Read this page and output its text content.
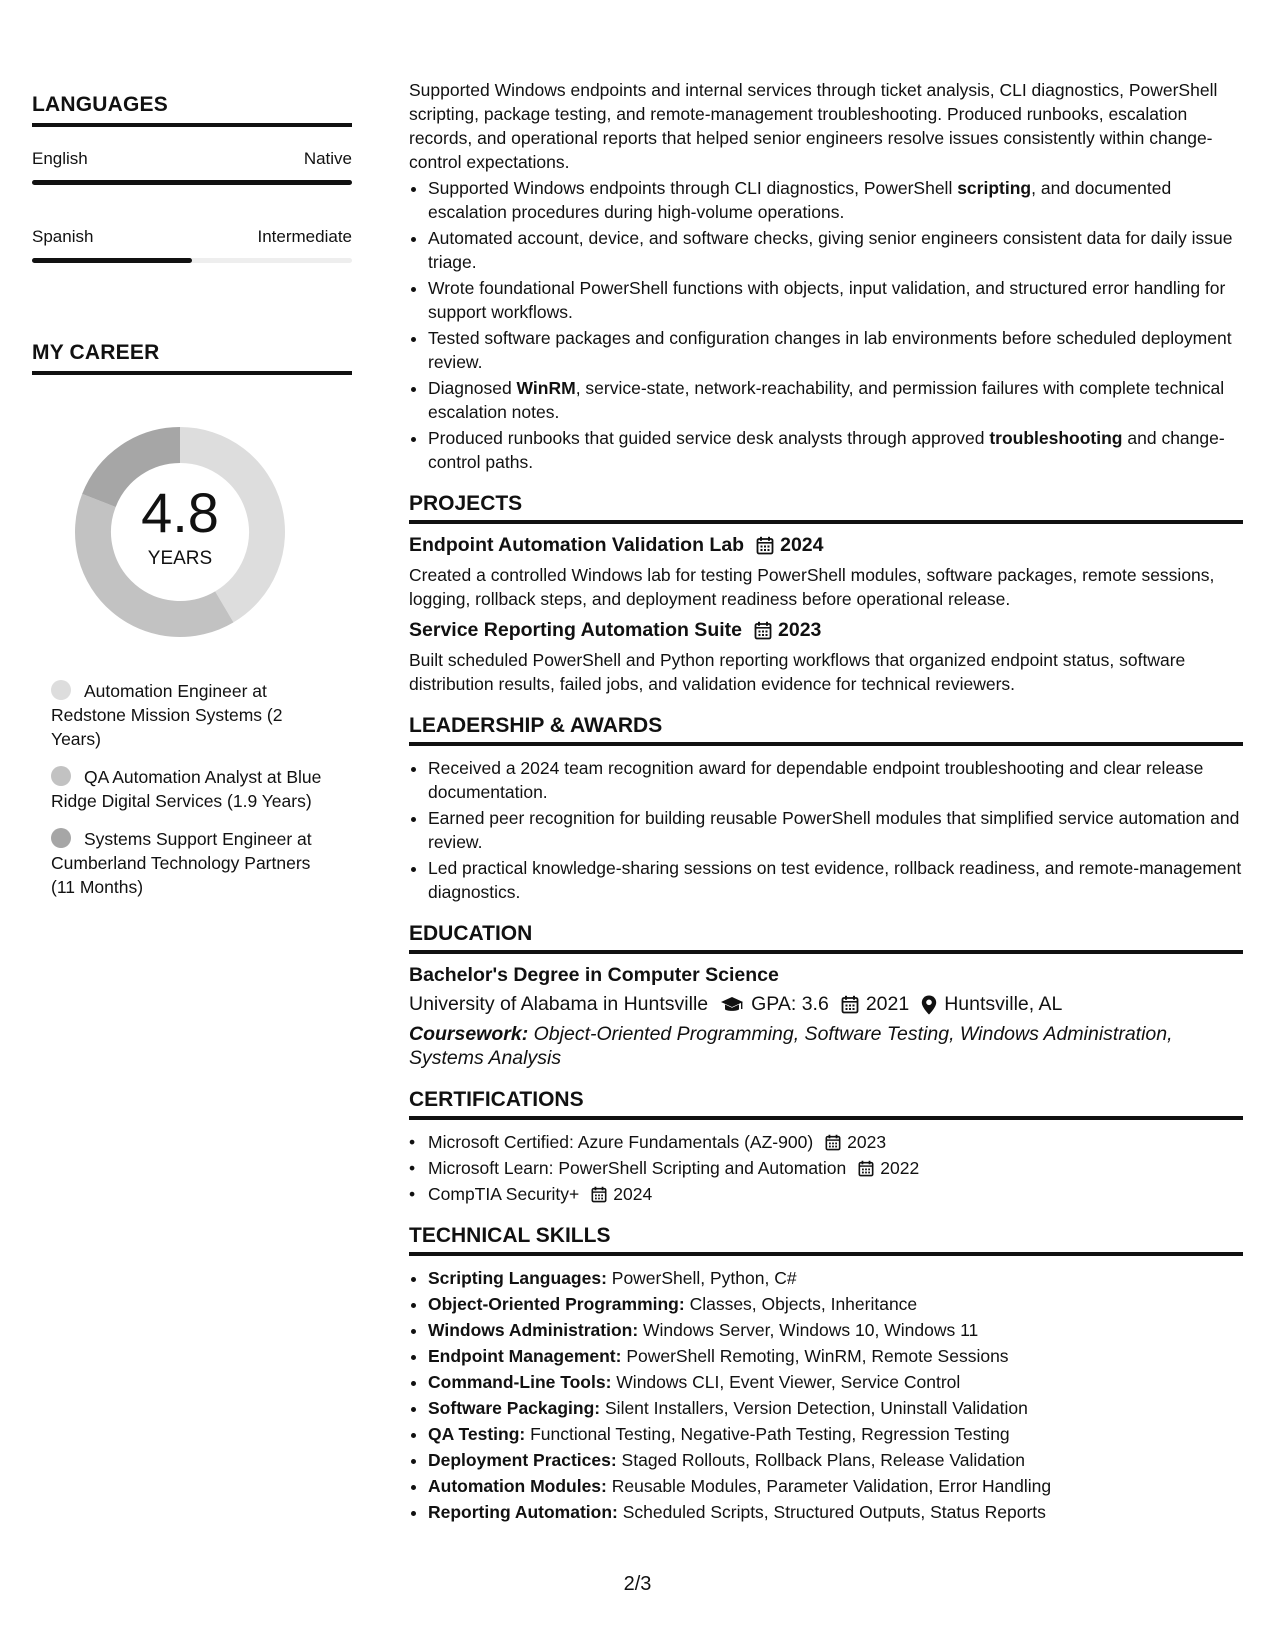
LANGUAGES
English	Native
Spanish	Intermediate
MY CAREER
4.8
YEARS
Automation Engineer at Redstone Mission Systems (2 Years)
QA Automation Analyst at Blue Ridge Digital Services (1.9 Years)
Systems Support Engineer at Cumberland Technology Partners (11 Months)
Supported Windows endpoints and internal services through ticket analysis, CLI diagnostics, PowerShell scripting, package testing, and remote-management troubleshooting. Produced runbooks, escalation records, and operational reports that helped senior engineers resolve issues consistently within change-control expectations.
• Supported Windows endpoints through CLI diagnostics, PowerShell scripting, and documented escalation procedures during high-volume operations.
• Automated account, device, and software checks, giving senior engineers consistent data for daily issue triage.
• Wrote foundational PowerShell functions with objects, input validation, and structured error handling for support workflows.
• Tested software packages and configuration changes in lab environments before scheduled deployment review.
• Diagnosed WinRM, service-state, network-reachability, and permission failures with complete technical escalation notes.
• Produced runbooks that guided service desk analysts through approved troubleshooting and change-control paths.
PROJECTS
Endpoint Automation Validation Lab 2024
Created a controlled Windows lab for testing PowerShell modules, software packages, remote sessions, logging, rollback steps, and deployment readiness before operational release.
Service Reporting Automation Suite 2023
Built scheduled PowerShell and Python reporting workflows that organized endpoint status, software distribution results, failed jobs, and validation evidence for technical reviewers.
LEADERSHIP & AWARDS
• Received a 2024 team recognition award for dependable endpoint troubleshooting and clear release documentation.
• Earned peer recognition for building reusable PowerShell modules that simplified service automation and review.
• Led practical knowledge-sharing sessions on test evidence, rollback readiness, and remote-management diagnostics.
EDUCATION
Bachelor's Degree in Computer Science
University of Alabama in Huntsville GPA: 3.6 2021 Huntsville, AL
Coursework: Object-Oriented Programming, Software Testing, Windows Administration, Systems Analysis
CERTIFICATIONS
• Microsoft Certified: Azure Fundamentals (AZ-900) 2023
• Microsoft Learn: PowerShell Scripting and Automation 2022
• CompTIA Security+ 2024
TECHNICAL SKILLS
• Scripting Languages: PowerShell, Python, C#
• Object-Oriented Programming: Classes, Objects, Inheritance
• Windows Administration: Windows Server, Windows 10, Windows 11
• Endpoint Management: PowerShell Remoting, WinRM, Remote Sessions
• Command-Line Tools: Windows CLI, Event Viewer, Service Control
• Software Packaging: Silent Installers, Version Detection, Uninstall Validation
• QA Testing: Functional Testing, Negative-Path Testing, Regression Testing
• Deployment Practices: Staged Rollouts, Rollback Plans, Release Validation
• Automation Modules: Reusable Modules, Parameter Validation, Error Handling
• Reporting Automation: Scheduled Scripts, Structured Outputs, Status Reports
2/3
